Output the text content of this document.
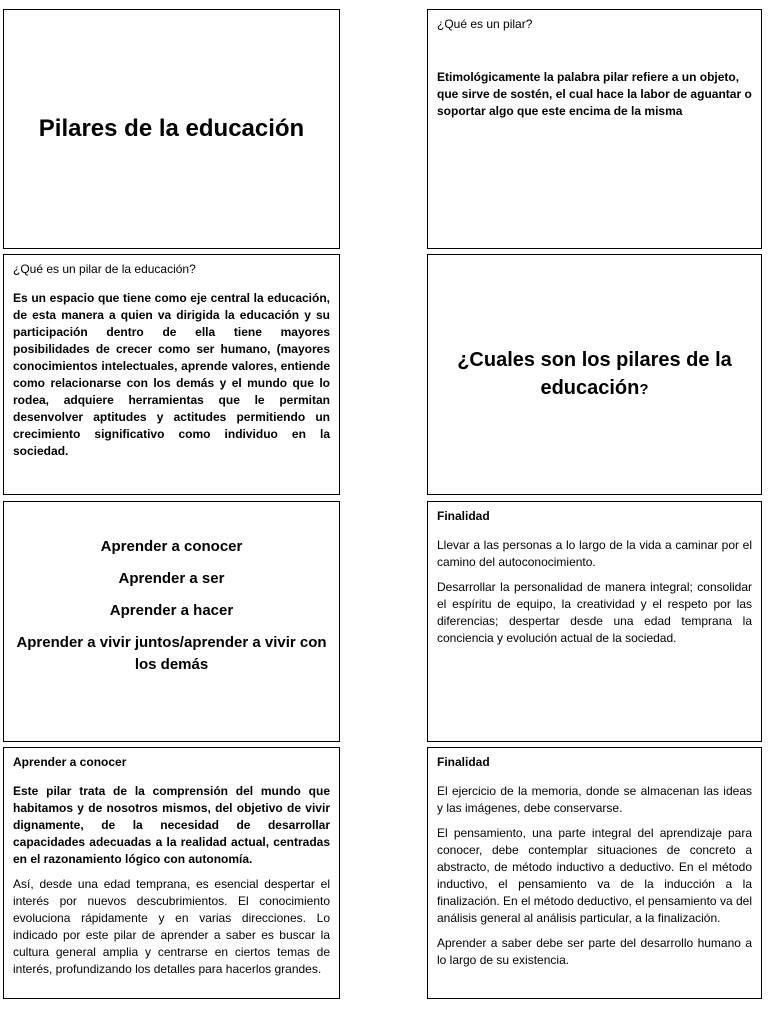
Pilares de la educación
¿Qué es un pilar?
Etimológicamente la palabra pilar refiere a un objeto, que sirve de sostén, el cual hace la labor de aguantar o soportar algo que este encima de la misma
¿Qué es un pilar de la educación?
Es un espacio que tiene como eje central la educación, de esta manera a quien va dirigida la educación y su participación dentro de ella tiene mayores posibilidades de crecer como ser humano, (mayores conocimientos intelectuales, aprende valores, entiende como relacionarse con los demás y el mundo que lo rodea, adquiere herramientas que le permitan desenvolver aptitudes y actitudes permitiendo un crecimiento significativo como individuo en la sociedad.
¿Cuales son los pilares de la educación?
Aprender a conocer
Aprender a ser
Aprender a hacer
Aprender a vivir juntos/aprender a vivir con los demás
Finalidad
Llevar a las personas a lo largo de la vida a caminar por el camino del autoconocimiento.
Desarrollar la personalidad de manera integral; consolidar el espíritu de equipo, la creatividad y el respeto por las diferencias; despertar desde una edad temprana la conciencia y evolución actual de la sociedad.
Aprender a conocer
Este pilar trata de la comprensión del mundo que habitamos y de nosotros mismos, del objetivo de vivir dignamente, de la necesidad de desarrollar capacidades adecuadas a la realidad actual, centradas en el razonamiento lógico con autonomía.
Así, desde una edad temprana, es esencial despertar el interés por nuevos descubrimientos. El conocimiento evoluciona rápidamente y en varias direcciones. Lo indicado por este pilar de aprender a saber es buscar la cultura general amplia y centrarse en ciertos temas de interés, profundizando los detalles para hacerlos grandes.
Finalidad
El ejercicio de la memoria, donde se almacenan las ideas y las imágenes, debe conservarse.
El pensamiento, una parte integral del aprendizaje para conocer, debe contemplar situaciones de concreto a abstracto, de método inductivo a deductivo. En el método inductivo, el pensamiento va de la inducción a la finalización. En el método deductivo, el pensamiento va del análisis general al análisis particular, a la finalización.
Aprender a saber debe ser parte del desarrollo humano a lo largo de su existencia.
